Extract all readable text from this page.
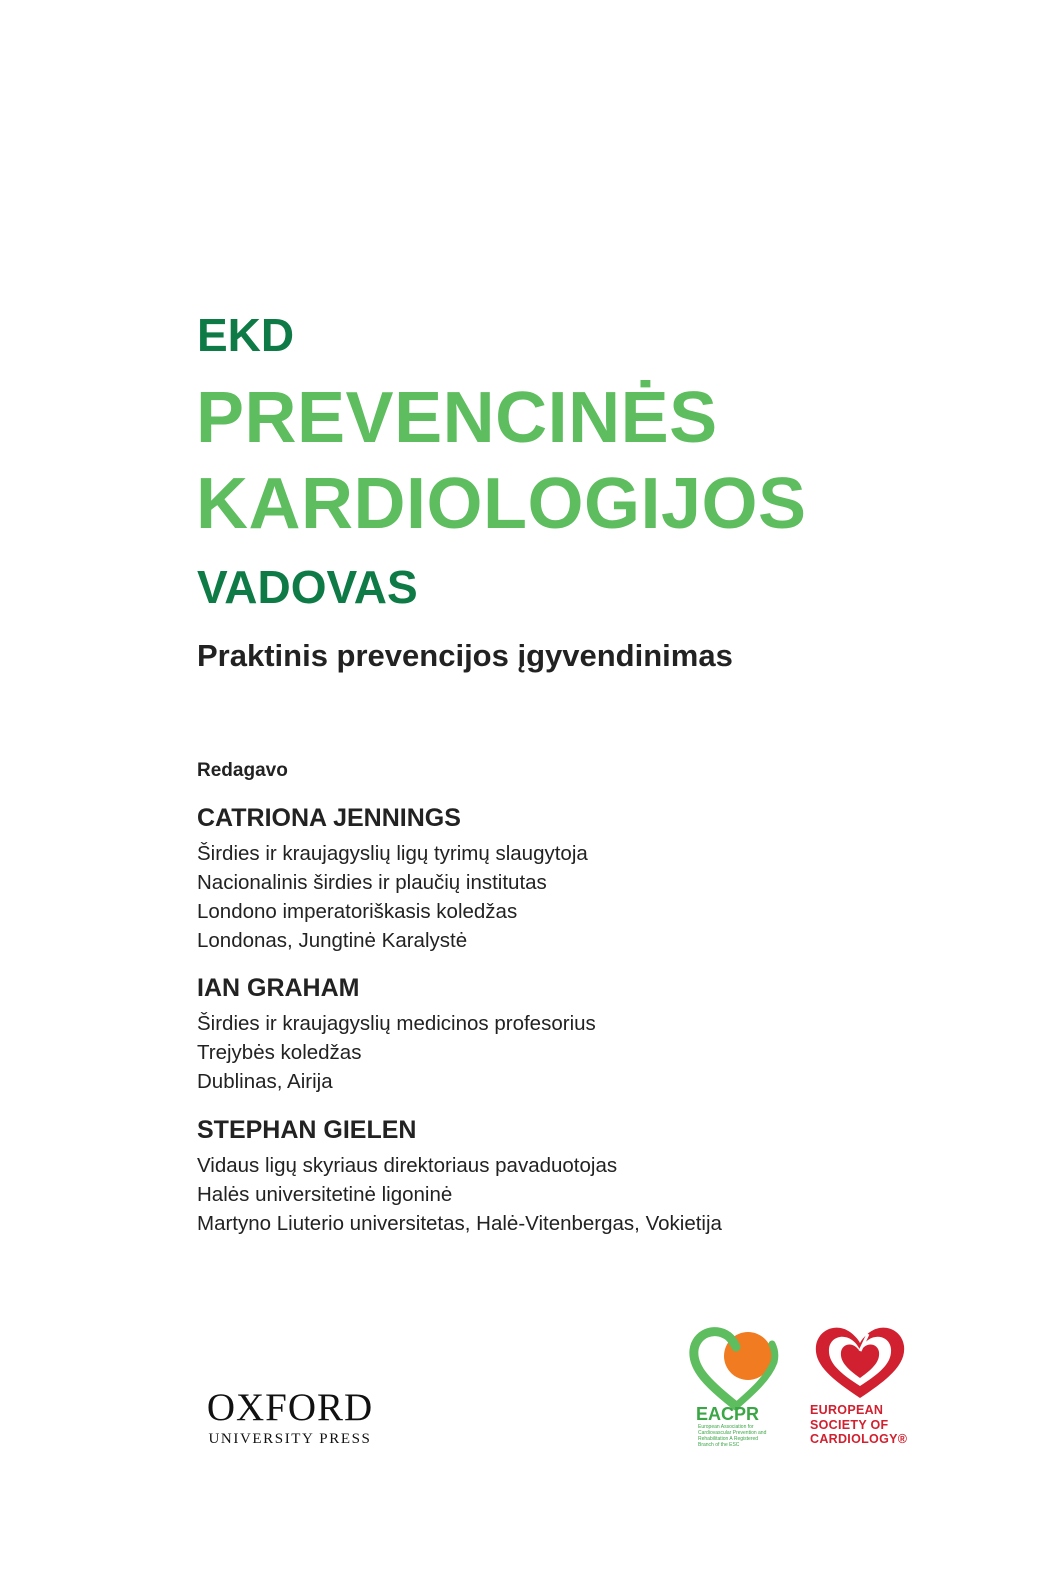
EKD
PREVENCINĖS
KARDIOLOGIJOS
VADOVAS
Praktinis prevencijos įgyvendinimas
Redagavo
CATRIONA JENNINGS
Širdies ir kraujagyslių ligų tyrimų slaugytoja
Nacionalinis širdies ir plaučių institutas
Londono imperatoriškasis koledžas
Londonas, Jungtinė Karalystė
IAN GRAHAM
Širdies ir kraujagyslių medicinos profesorius
Trejybės koledžas
Dublinas, Airija
STEPHAN GIELEN
Vidaus ligų skyriaus direktoriaus pavaduotojas
Halės universitetinė ligoninė
Martyno Liuterio universitetas, Halė-Vitenbergas, Vokietija
OXFORD
UNIVERSITY PRESS
EACPR
European Association for Cardiovascular Prevention and Rehabilitation A Registered Branch of the ESC
EUROPEAN
SOCIETY OF
CARDIOLOGY®
